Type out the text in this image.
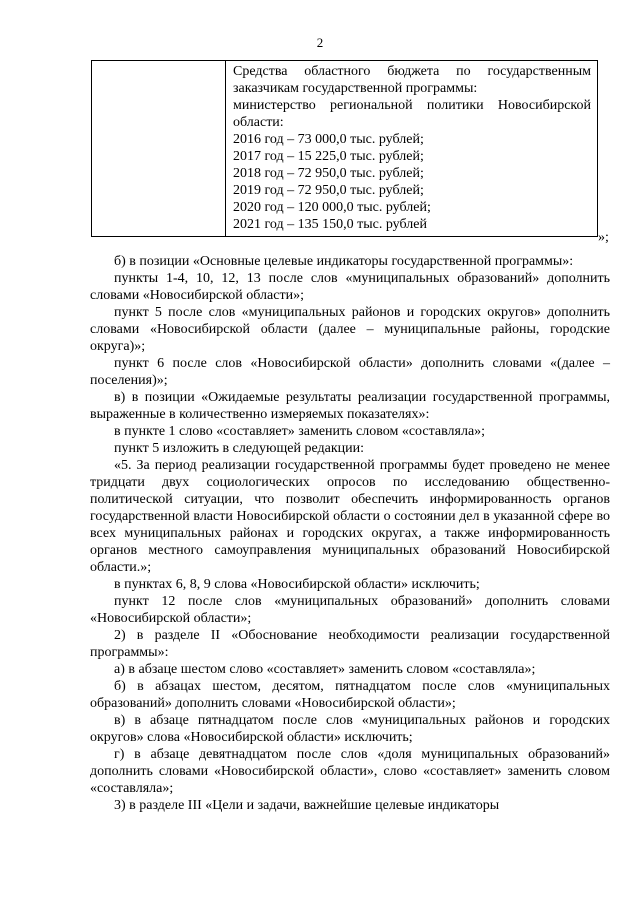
2

Средства областного бюджета по государственным
заказчикам государственной программы:
министерство региональной политики Новосибирской
области:
2016 год – 73 000,0 тыс. рублей;
2017 год – 15 225,0 тыс. рублей;
2018 год – 72 950,0 тыс. рублей;
2019 год – 72 950,0 тыс. рублей;
2020 год – 120 000,0 тыс. рублей;
2021 год – 135 150,0 тыс. рублей
»;

б) в позиции «Основные целевые индикаторы государственной программы»:

пункты 1-4, 10, 12, 13 после слов «муниципальных образований» дополнить словами «Новосибирской области»;

пункт 5 после слов «муниципальных районов и городских округов» дополнить словами «Новосибирской области (далее – муниципальные районы, городские округа)»;

пункт 6 после слов «Новосибирской области» дополнить словами «(далее – поселения)»;

в) в позиции «Ожидаемые результаты реализации государственной программы, выраженные в количественно измеряемых показателях»:

в пункте 1 слово «составляет» заменить словом «составляла»;

пункт 5 изложить в следующей редакции:

«5. За период реализации государственной программы будет проведено не менее тридцати двух социологических опросов по исследованию общественно-политической ситуации, что позволит обеспечить информированность органов государственной власти Новосибирской области о состоянии дел в указанной сфере во всех муниципальных районах и городских округах, а также информированность органов местного самоуправления муниципальных образований Новосибирской области.»;

в пунктах 6, 8, 9 слова «Новосибирской области» исключить;

пункт 12 после слов «муниципальных образований» дополнить словами «Новосибирской области»;

2) в разделе II «Обоснование необходимости реализации государственной программы»:

а) в абзаце шестом слово «составляет» заменить словом «составляла»;

б) в абзацах шестом, десятом, пятнадцатом после слов «муниципальных образований» дополнить словами «Новосибирской области»;

в) в абзаце пятнадцатом после слов «муниципальных районов и городских округов» слова «Новосибирской области» исключить;

г) в абзаце девятнадцатом после слов «доля муниципальных образований» дополнить словами «Новосибирской области», слово «составляет» заменить словом «составляла»;

3) в разделе III «Цели и задачи, важнейшие целевые индикаторы
